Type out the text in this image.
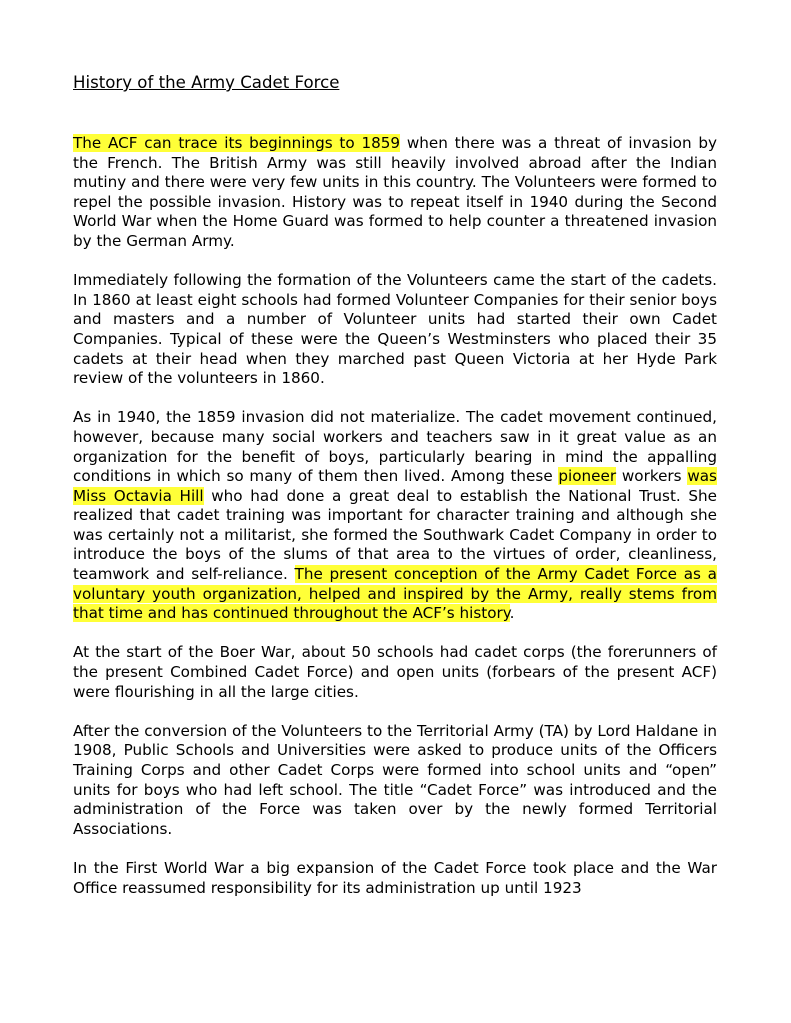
History of the Army Cadet Force

The ACF can trace its beginnings to 1859 when there was a threat of invasion by the French. The British Army was still heavily involved abroad after the Indian mutiny and there were very few units in this country. The Volunteers were formed to repel the possible invasion. History was to repeat itself in 1940 during the Second World War when the Home Guard was formed to help counter a threatened invasion by the German Army.

Immediately following the formation of the Volunteers came the start of the cadets. In 1860 at least eight schools had formed Volunteer Companies for their senior boys and masters and a number of Volunteer units had started their own Cadet Companies. Typical of these were the Queen’s Westminsters who placed their 35 cadets at their head when they marched past Queen Victoria at her Hyde Park review of the volunteers in 1860.

As in 1940, the 1859 invasion did not materialize. The cadet movement continued, however, because many social workers and teachers saw in it great value as an organization for the benefit of boys, particularly bearing in mind the appalling conditions in which so many of them then lived. Among these pioneer workers was Miss Octavia Hill who had done a great deal to establish the National Trust. She realized that cadet training was important for character training and although she was certainly not a militarist, she formed the Southwark Cadet Company in order to introduce the boys of the slums of that area to the virtues of order, cleanliness, teamwork and self-reliance. The present conception of the Army Cadet Force as a voluntary youth organization, helped and inspired by the Army, really stems from that time and has continued throughout the ACF’s history.

At the start of the Boer War, about 50 schools had cadet corps (the forerunners of the present Combined Cadet Force) and open units (forbears of the present ACF) were flourishing in all the large cities.

After the conversion of the Volunteers to the Territorial Army (TA) by Lord Haldane in 1908, Public Schools and Universities were asked to produce units of the Officers Training Corps and other Cadet Corps were formed into school units and “open” units for boys who had left school. The title “Cadet Force” was introduced and the administration of the Force was taken over by the newly formed Territorial Associations.

In the First World War a big expansion of the Cadet Force took place and the War Office reassumed responsibility for its administration up until 1923
